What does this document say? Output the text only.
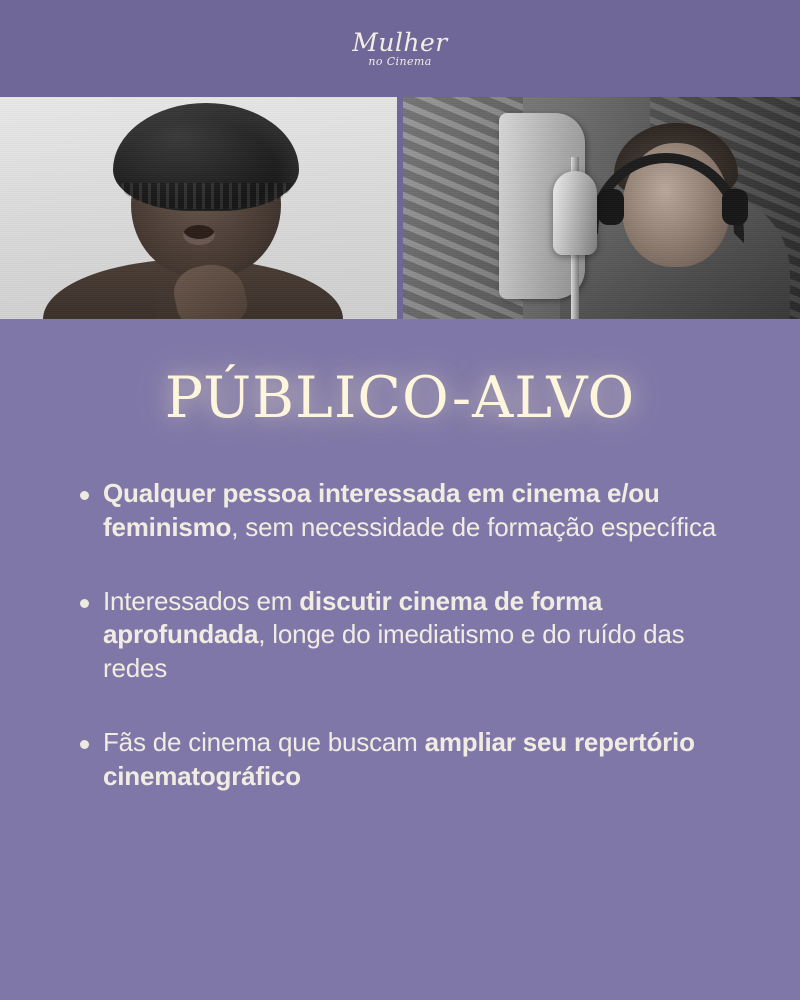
Mulher
no Cinema
PÚBLICO-ALVO
Qualquer pessoa interessada em cinema e/ou feminismo, sem necessidade de formação específica
Interessados em discutir cinema de forma aprofundada, longe do imediatismo e do ruído das redes
Fãs de cinema que buscam ampliar seu repertório cinematográfico
